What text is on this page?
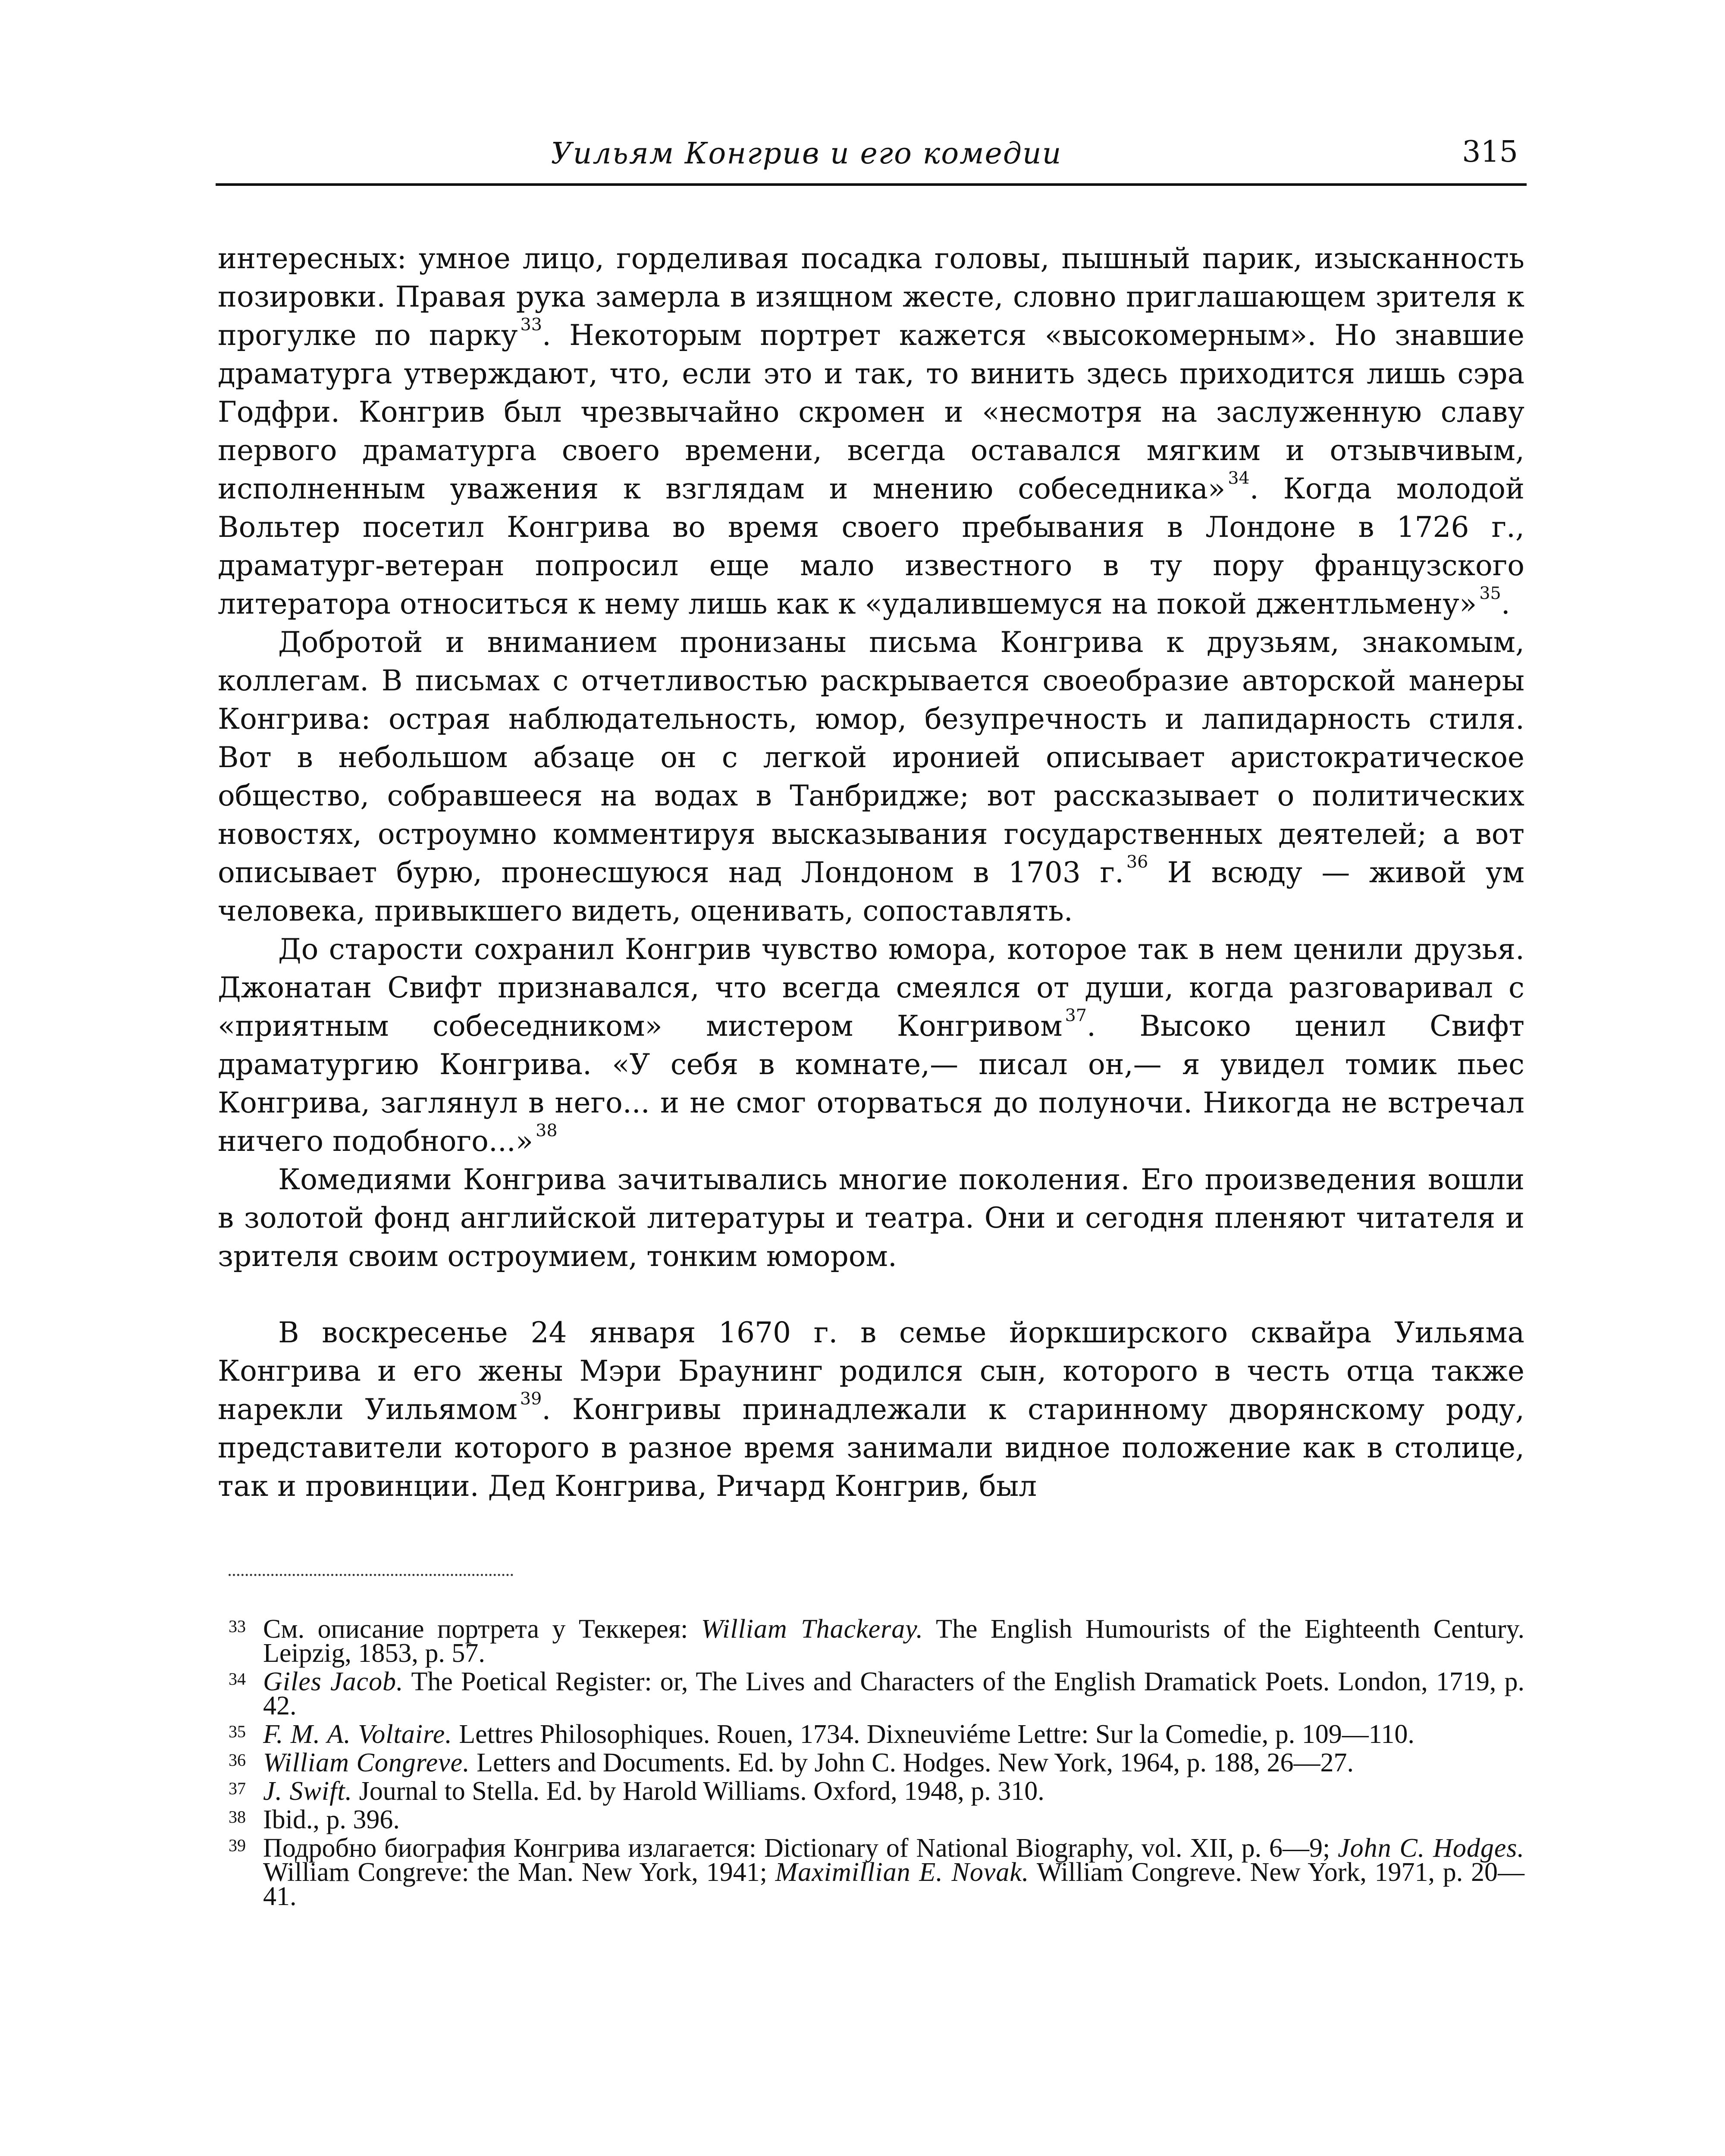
Уильям Конгрив и его комедии	315

интересных: умное лицо, горделивая посадка головы, пышный парик, изысканность позировки. Правая рука замерла в изящном жесте, словно приглашающем зрителя к прогулке по парку $^{33}$. Некоторым портрет кажется «высокомерным». Но знавшие драматурга утверждают, что, если это и так, то винить здесь приходится лишь сэра Годфри. Конгрив был чрезвычайно скромен и «несмотря на заслуженную славу первого драматурга своего времени, всегда оставался мягким и отзывчивым, исполненным уважения к взглядам и мнению собеседника» $^{34}$. Когда молодой Вольтер посетил Конгрива во время своего пребывания в Лондоне в 1726 г., драматург-ветеран попросил еще мало известного в ту пору французского литератора относиться к нему лишь как к «удалившемуся на покой джентльмену» $^{35}$.

Добротой и вниманием пронизаны письма Конгрива к друзьям, знакомым, коллегам. В письмах с отчетливостью раскрывается своеобразие авторской манеры Конгрива: острая наблюдательность, юмор, безупречность и лапидарность стиля. Вот в небольшом абзаце он с легкой иронией описывает аристократическое общество, собравшееся на водах в Танбридже; вот рассказывает о политических новостях, остроумно комментируя высказывания государственных деятелей; а вот описывает бурю, пронесшуюся над Лондоном в 1703 г. $^{36}$ И всюду — живой ум человека, привыкшего видеть, оценивать, сопоставлять.

До старости сохранил Конгрив чувство юмора, которое так в нем ценили друзья. Джонатан Свифт признавался, что всегда смеялся от души, когда разговаривал с «приятным собеседником» мистером Конгривом $^{37}$. Высоко ценил Свифт драматургию Конгрива. «У себя в комнате,— писал он,— я увидел томик пьес Конгрива, заглянул в него... и не смог оторваться до полуночи. Никогда не встречал ничего подобного...» $^{38}$

Комедиями Конгрива зачитывались многие поколения. Его произведения вошли в золотой фонд английской литературы и театра. Они и сегодня пленяют читателя и зрителя своим остроумием, тонким юмором.

В воскресенье 24 января 1670 г. в семье йоркширского сквайра Уильяма Конгрива и его жены Мэри Браунинг родился сын, которого в честь отца также нарекли Уильямом $^{39}$. Конгривы принадлежали к старинному дворянскому роду, представители которого в разное время занимали видное положение как в столице, так и провинции. Дед Конгрива, Ричард Конгрив, был

33 См. описание портрета у Теккерея: William Thackeray. The English Humourists of the Eighteenth Century. Leipzig, 1853, p. 57.
34 Giles Jacob. The Poetical Register: or, The Lives and Characters of the English Dramatick Poets. London, 1719, p. 42.
35 F. M. A. Voltaire. Lettres Philosophiques. Rouen, 1734. Dixneuviéme Lettre: Sur la Comedie, p. 109—110.
36 William Congreve. Letters and Documents. Ed. by John C. Hodges. New York, 1964, p. 188, 26—27.
37 J. Swift. Journal to Stella. Ed. by Harold Williams. Oxford, 1948, p. 310.
38 Ibid., p. 396.
39 Подробно биография Конгрива излагается: Dictionary of National Biography, vol. XII, p. 6—9; John C. Hodges. William Congreve: the Man. New York, 1941; Maximillian E. Novak. William Congreve. New York, 1971, p. 20—41.
